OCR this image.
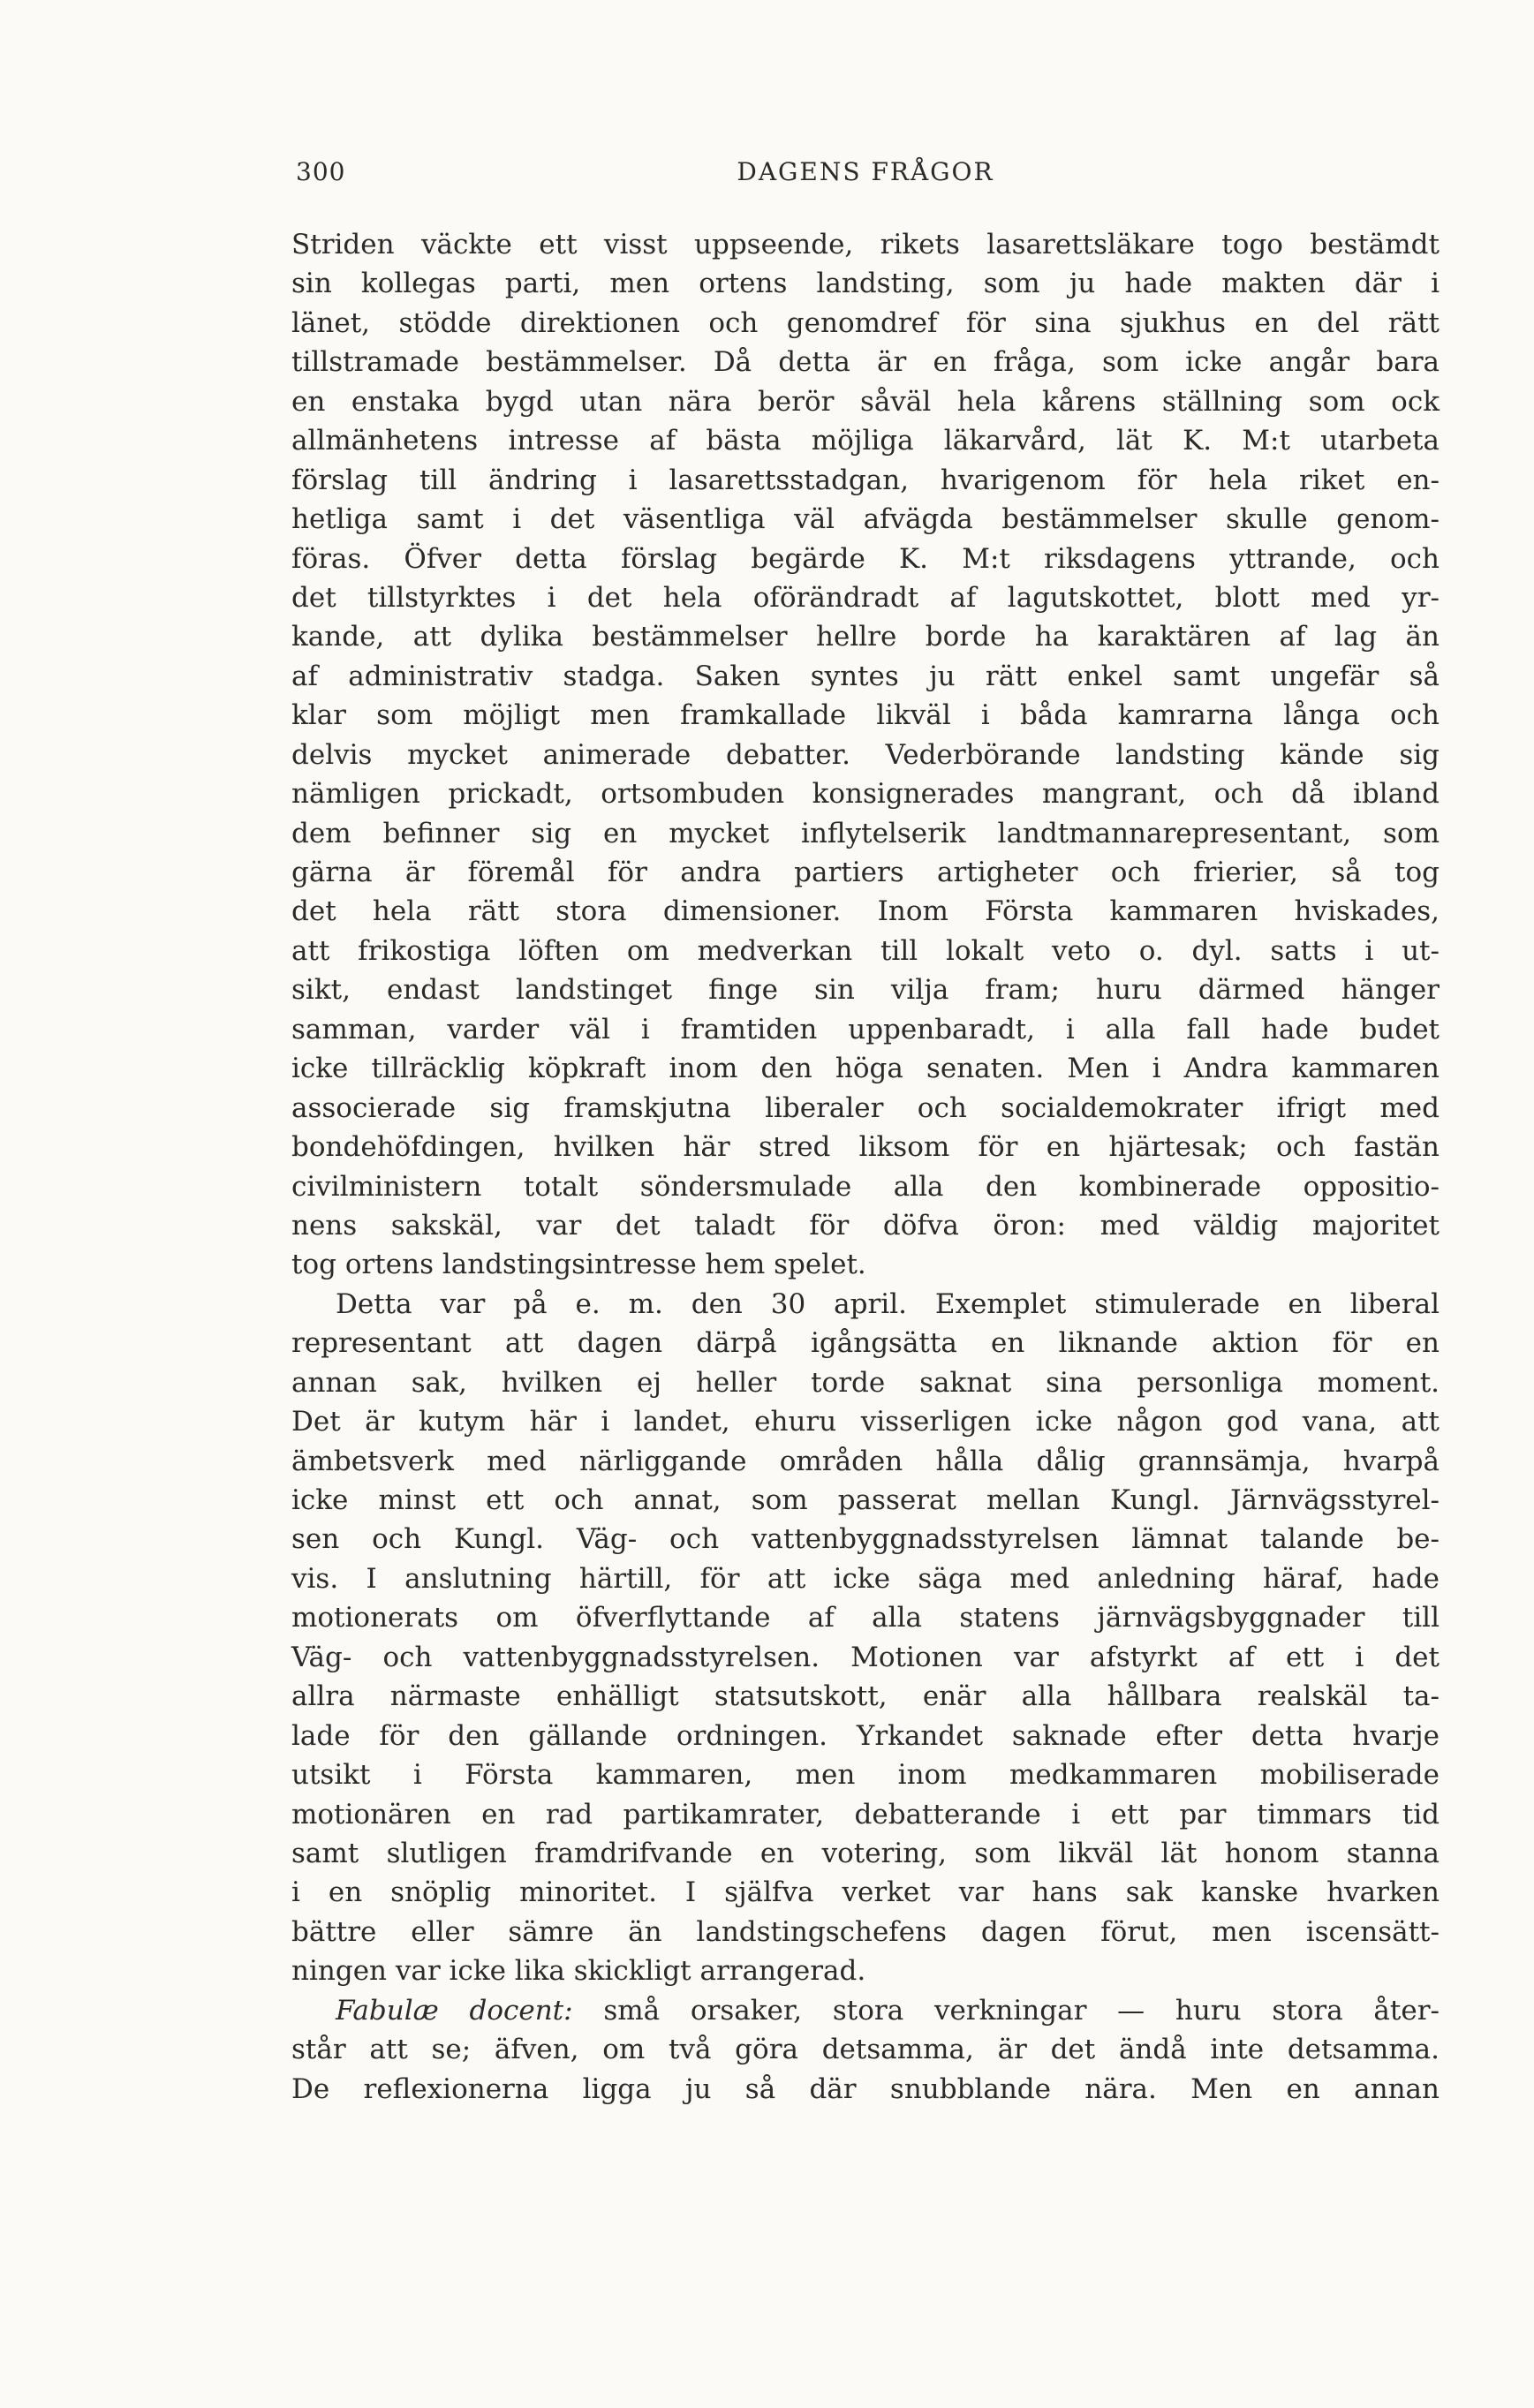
300	DAGENS FRÅGOR
Striden väckte ett visst uppseende, rikets lasarettsläkare togo bestämdt
sin kollegas parti, men ortens landsting, som ju hade makten där i
länet, stödde direktionen och genomdref för sina sjukhus en del rätt
tillstramade bestämmelser. Då detta är en fråga, som icke angår bara
en enstaka bygd utan nära berör såväl hela kårens ställning som ock
allmänhetens intresse af bästa möjliga läkarvård, lät K. M:t utarbeta
förslag till ändring i lasarettsstadgan, hvarigenom för hela riket en-
hetliga samt i det väsentliga väl afvägda bestämmelser skulle genom-
föras. Öfver detta förslag begärde K. M:t riksdagens yttrande, och
det tillstyrktes i det hela oförändradt af lagutskottet, blott med yr-
kande, att dylika bestämmelser hellre borde ha karaktären af lag än
af administrativ stadga. Saken syntes ju rätt enkel samt ungefär så
klar som möjligt men framkallade likväl i båda kamrarna långa och
delvis mycket animerade debatter. Vederbörande landsting kände sig
nämligen prickadt, ortsombuden konsignerades mangrant, och då ibland
dem befinner sig en mycket inflytelserik landtmannarepresentant, som
gärna är föremål för andra partiers artigheter och frierier, så tog
det hela rätt stora dimensioner. Inom Första kammaren hviskades,
att frikostiga löften om medverkan till lokalt veto o. dyl. satts i ut-
sikt, endast landstinget finge sin vilja fram; huru därmed hänger
samman, varder väl i framtiden uppenbaradt, i alla fall hade budet
icke tillräcklig köpkraft inom den höga senaten. Men i Andra kammaren
associerade sig framskjutna liberaler och socialdemokrater ifrigt med
bondehöfdingen, hvilken här stred liksom för en hjärtesak; och fastän
civilministern totalt söndersmulade alla den kombinerade oppositio-
nens sakskäl, var det taladt för döfva öron: med väldig majoritet
tog ortens landstingsintresse hem spelet.
Detta var på e. m. den 30 april. Exemplet stimulerade en liberal
representant att dagen därpå igångsätta en liknande aktion för en
annan sak, hvilken ej heller torde saknat sina personliga moment.
Det är kutym här i landet, ehuru visserligen icke någon god vana, att
ämbetsverk med närliggande områden hålla dålig grannsämja, hvarpå
icke minst ett och annat, som passerat mellan Kungl. Järnvägsstyrel-
sen och Kungl. Väg- och vattenbyggnadsstyrelsen lämnat talande be-
vis. I anslutning härtill, för att icke säga med anledning häraf, hade
motionerats om öfverflyttande af alla statens järnvägsbyggnader till
Väg- och vattenbyggnadsstyrelsen. Motionen var afstyrkt af ett i det
allra närmaste enhälligt statsutskott, enär alla hållbara realskäl ta-
lade för den gällande ordningen. Yrkandet saknade efter detta hvarje
utsikt i Första kammaren, men inom medkammaren mobiliserade
motionären en rad partikamrater, debatterande i ett par timmars tid
samt slutligen framdrifvande en votering, som likväl lät honom stanna
i en snöplig minoritet. I själfva verket var hans sak kanske hvarken
bättre eller sämre än landstingschefens dagen förut, men iscensätt-
ningen var icke lika skickligt arrangerad.
Fabulæ docent: små orsaker, stora verkningar — huru stora åter-
står att se; äfven, om två göra detsamma, är det ändå inte detsamma.
De reflexionerna ligga ju så där snubblande nära. Men en annan
